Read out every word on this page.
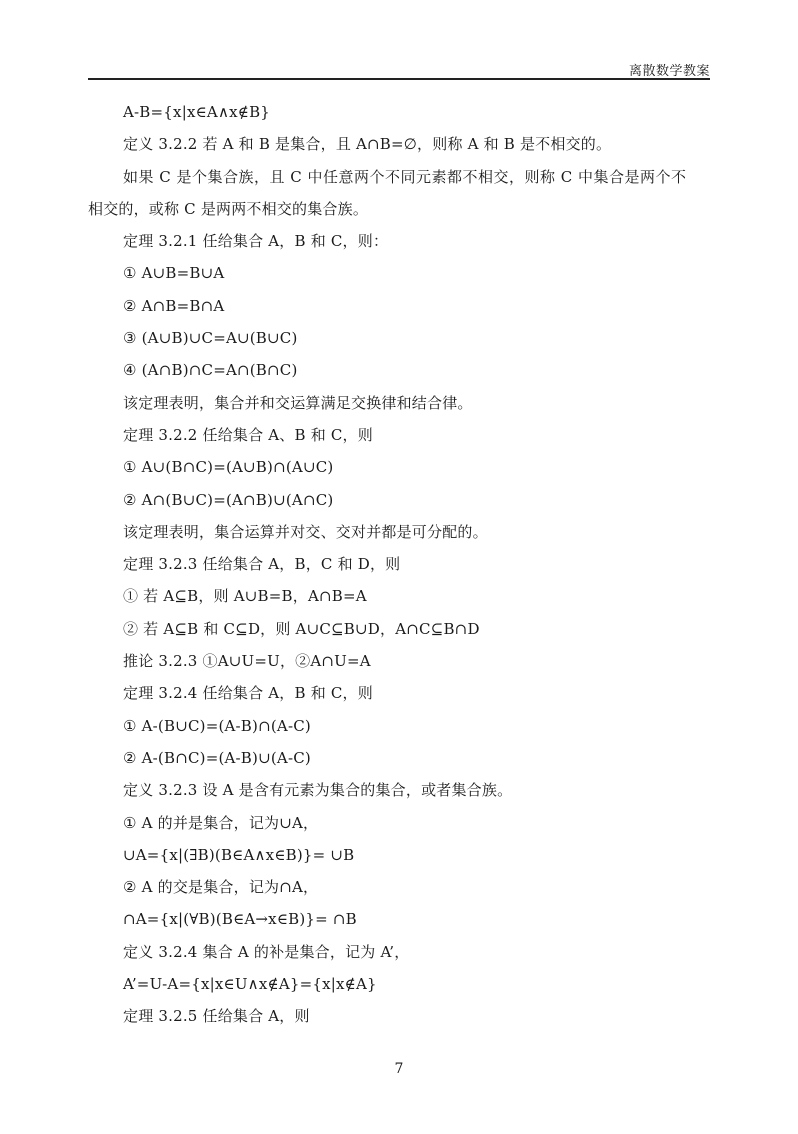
离散数学教案
A-B={x|x∈A∧x∉B}
定义 3.2.2 若 A 和 B 是集合，且 A∩B=∅，则称 A 和 B 是不相交的。
如果 C 是个集合族，且 C 中任意两个不同元素都不相交，则称 C 中集合是两个不
相交的，或称 C 是两两不相交的集合族。
定理 3.2.1 任给集合 A，B 和 C，则：
① A∪B=B∪A
② A∩B=B∩A
③ (A∪B)∪C=A∪(B∪C)
④ (A∩B)∩C=A∩(B∩C)
该定理表明，集合并和交运算满足交换律和结合律。
定理 3.2.2 任给集合 A、B 和 C，则
① A∪(B∩C)=(A∪B)∩(A∪C)
② A∩(B∪C)=(A∩B)∪(A∩C)
该定理表明，集合运算并对交、交对并都是可分配的。
定理 3.2.3 任给集合 A，B，C 和 D，则
① 若 A⊆B，则 A∪B=B，A∩B=A
② 若 A⊆B 和 C⊆D，则 A∪C⊆B∪D，A∩C⊆B∩D
推论 3.2.3 ①A∪U=U，②A∩U=A
定理 3.2.4 任给集合 A，B 和 C，则
① A-(B∪C)=(A-B)∩(A-C)
② A-(B∩C)=(A-B)∪(A-C)
定义 3.2.3 设 A 是含有元素为集合的集合，或者集合族。
① A 的并是集合，记为∪A，
∪A={x|(∃B)(B∈A∧x∈B)}= ∪B
② A 的交是集合，记为∩A，
∩A={x|(∀B)(B∈A→x∈B)}= ∩B
定义 3.2.4 集合 A 的补是集合，记为 A’，
A’=U-A={x|x∈U∧x∉A}={x|x∉A}
定理 3.2.5 任给集合 A，则
7
